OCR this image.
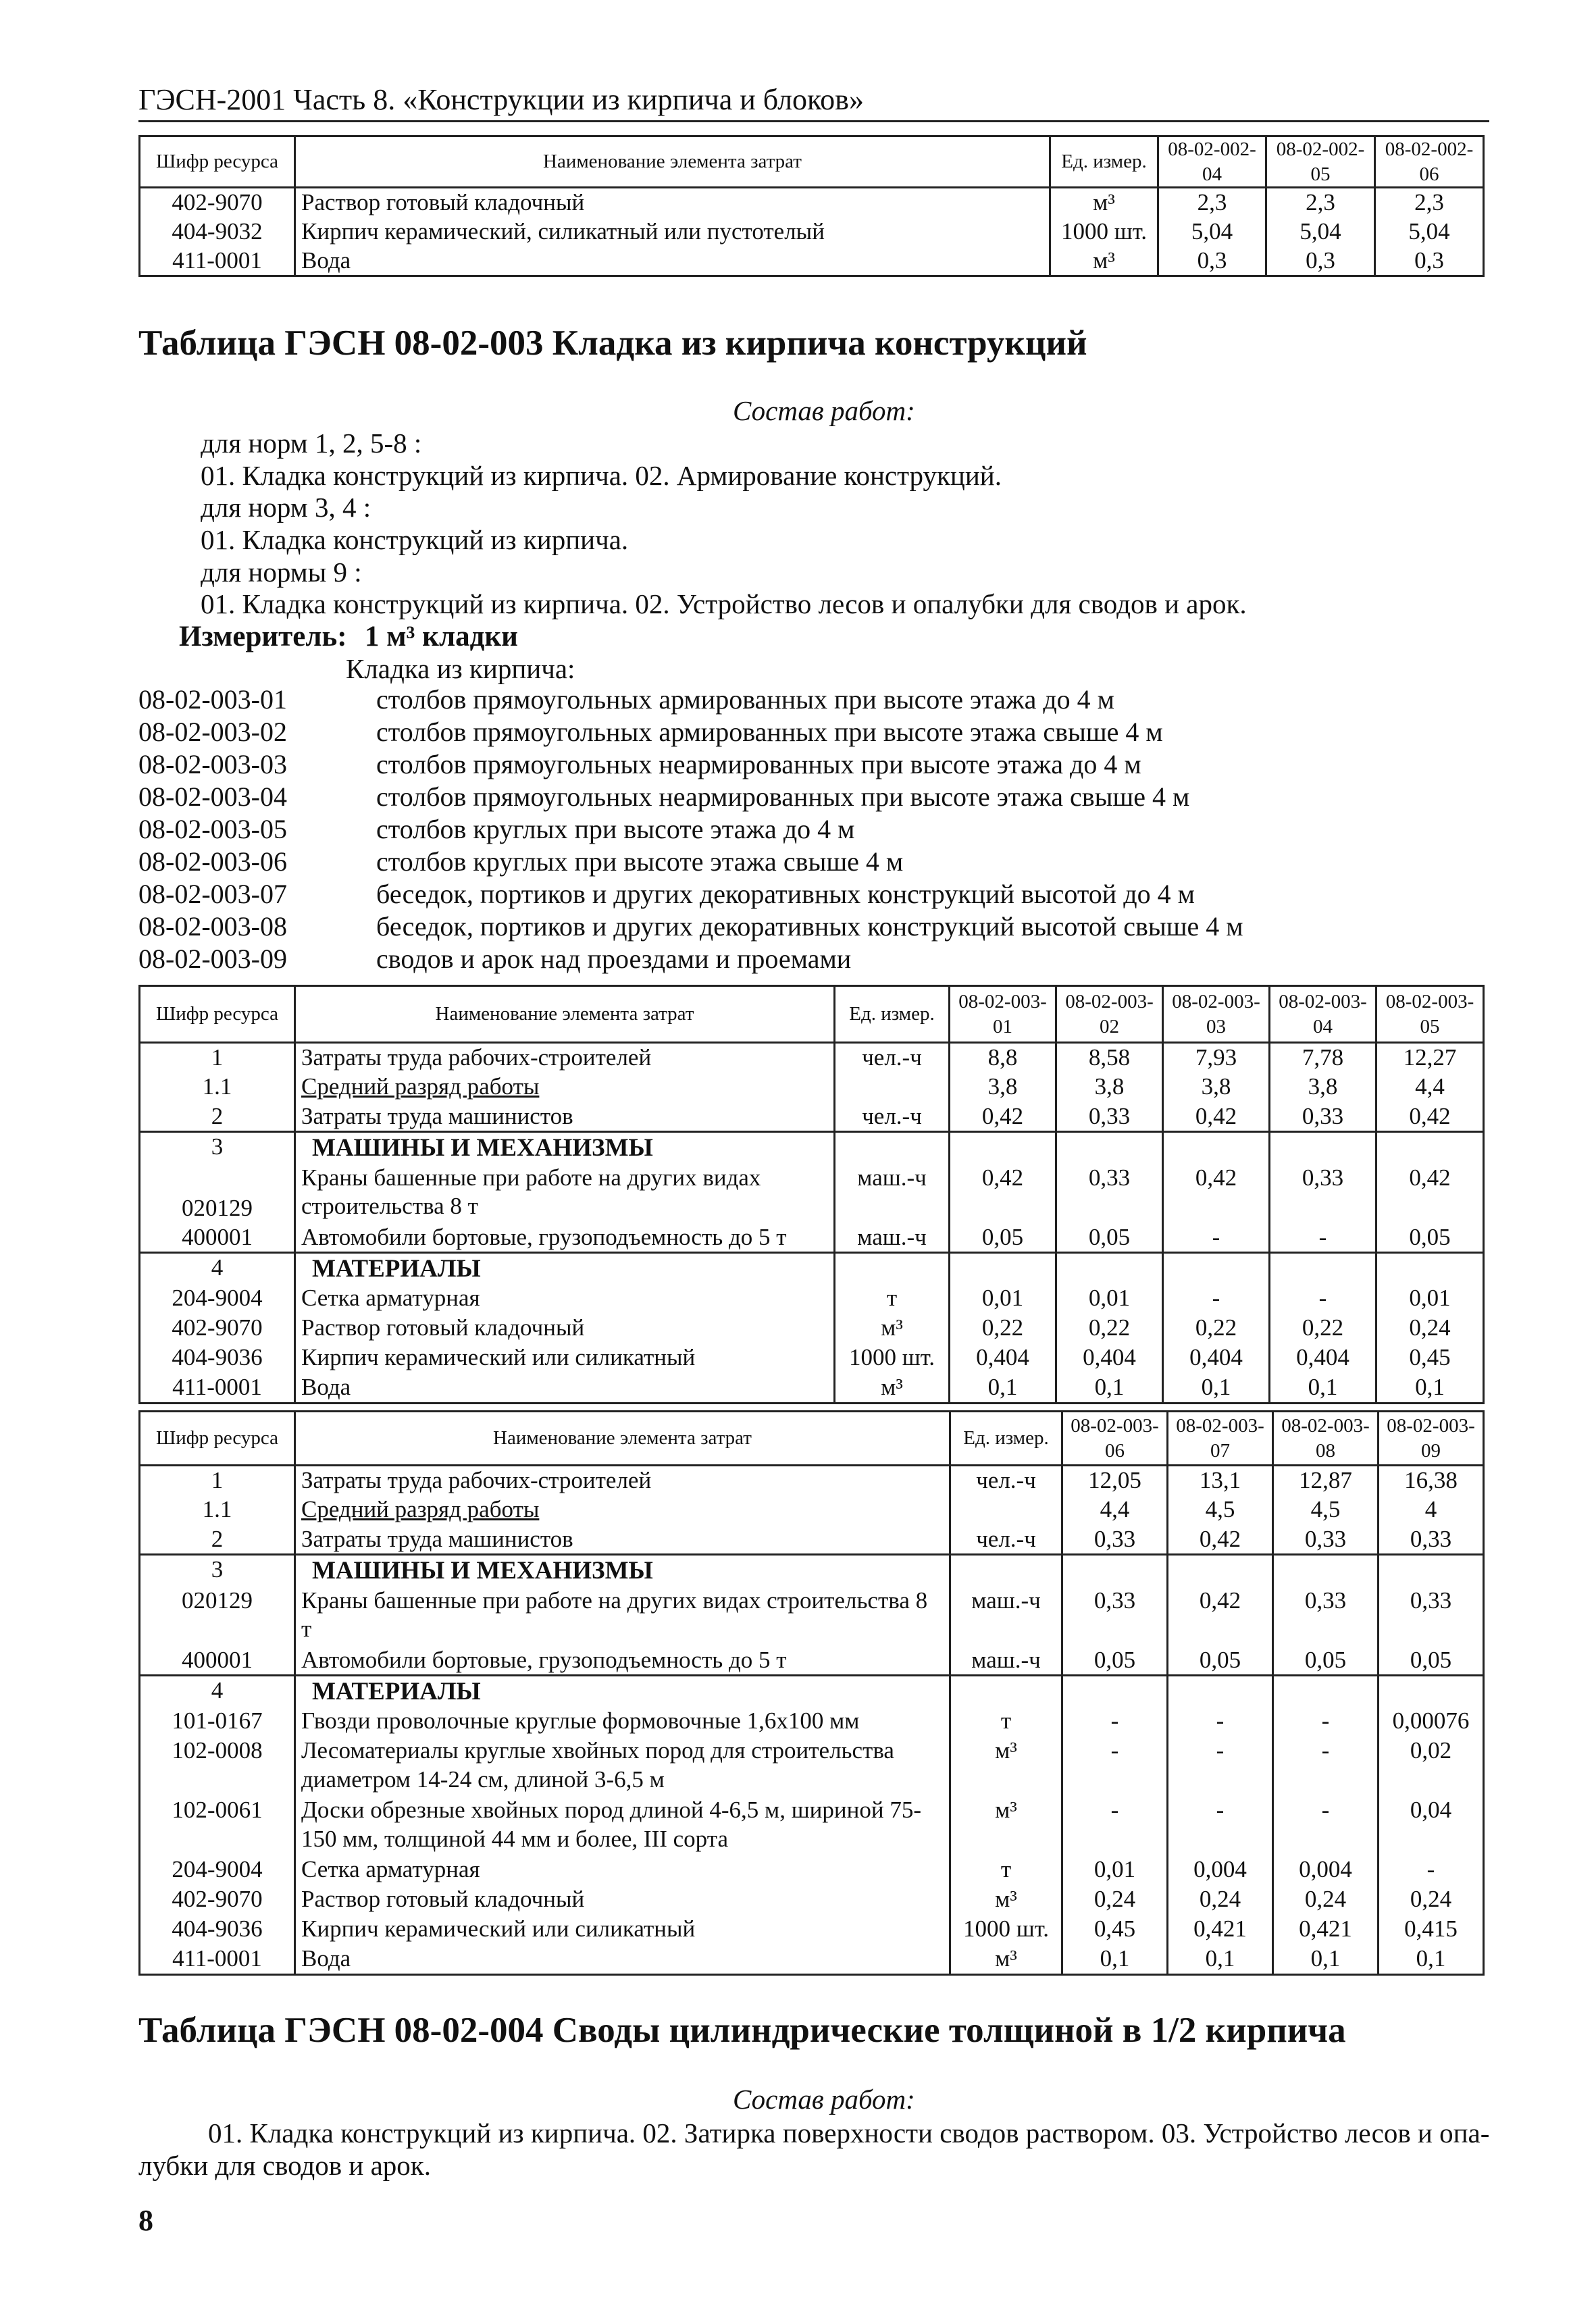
ГЭСН-2001 Часть 8. «Конструкции из кирпича и блоков»
Шифр ресурса	Наименование элемента затрат	Ед. измер.	08-02-002-04	08-02-002-05	08-02-002-06
402-9070	Раствор готовый кладочный	м³	2,3	2,3	2,3
404-9032	Кирпич керамический, силикатный или пустотелый	1000 шт.	5,04	5,04	5,04
411-0001	Вода	м³	0,3	0,3	0,3
Таблица ГЭСН 08-02-003 Кладка из кирпича конструкций
Состав работ:
для норм 1, 2, 5-8 :
01. Кладка конструкций из кирпича. 02. Армирование конструкций.
для норм 3, 4 :
01. Кладка конструкций из кирпича.
для нормы 9 :
01. Кладка конструкций из кирпича. 02. Устройство лесов и опалубки для сводов и арок.
Измеритель: 1 м³ кладки
Кладка из кирпича:
08-02-003-01	столбов прямоугольных армированных при высоте этажа до 4 м
08-02-003-02	столбов прямоугольных армированных при высоте этажа свыше 4 м
08-02-003-03	столбов прямоугольных неармированных при высоте этажа до 4 м
08-02-003-04	столбов прямоугольных неармированных при высоте этажа свыше 4 м
08-02-003-05	столбов круглых при высоте этажа до 4 м
08-02-003-06	столбов круглых при высоте этажа свыше 4 м
08-02-003-07	беседок, портиков и других декоративных конструкций высотой до 4 м
08-02-003-08	беседок, портиков и других декоративных конструкций высотой свыше 4 м
08-02-003-09	сводов и арок над проездами и проемами
Шифр ресурса	Наименование элемента затрат	Ед. измер.	08-02-003-01	08-02-003-02	08-02-003-03	08-02-003-04	08-02-003-05
1	Затраты труда рабочих-строителей	чел.-ч	8,8	8,58	7,93	7,78	12,27
1.1	Средний разряд работы		3,8	3,8	3,8	3,8	4,4
2	Затраты труда машинистов	чел.-ч	0,42	0,33	0,42	0,33	0,42
3	МАШИНЫ И МЕХАНИЗМЫ						
020129	Краны башенные при работе на других видах строительства 8 т	маш.-ч	0,42	0,33	0,42	0,33	0,42
400001	Автомобили бортовые, грузоподъемность до 5 т	маш.-ч	0,05	0,05	-	-	0,05
4	МАТЕРИАЛЫ						
204-9004	Сетка арматурная	т	0,01	0,01	-	-	0,01
402-9070	Раствор готовый кладочный	м³	0,22	0,22	0,22	0,22	0,24
404-9036	Кирпич керамический или силикатный	1000 шт.	0,404	0,404	0,404	0,404	0,45
411-0001	Вода	м³	0,1	0,1	0,1	0,1	0,1
Шифр ресурса	Наименование элемента затрат	Ед. измер.	08-02-003-06	08-02-003-07	08-02-003-08	08-02-003-09
1	Затраты труда рабочих-строителей	чел.-ч	12,05	13,1	12,87	16,38
1.1	Средний разряд работы		4,4	4,5	4,5	4
2	Затраты труда машинистов	чел.-ч	0,33	0,42	0,33	0,33
3	МАШИНЫ И МЕХАНИЗМЫ					
020129	Краны башенные при работе на других видах строительства 8 т	маш.-ч	0,33	0,42	0,33	0,33
400001	Автомобили бортовые, грузоподъемность до 5 т	маш.-ч	0,05	0,05	0,05	0,05
4	МАТЕРИАЛЫ					
101-0167	Гвозди проволочные круглые формовочные 1,6х100 мм	т	-	-	-	0,00076
102-0008	Лесоматериалы круглые хвойных пород для строительства диаметром 14-24 см, длиной 3-6,5 м	м³	-	-	-	0,02
102-0061	Доски обрезные хвойных пород длиной 4-6,5 м, шириной 75-150 мм, толщиной 44 мм и более, III сорта	м³	-	-	-	0,04
204-9004	Сетка арматурная	т	0,01	0,004	0,004	-
402-9070	Раствор готовый кладочный	м³	0,24	0,24	0,24	0,24
404-9036	Кирпич керамический или силикатный	1000 шт.	0,45	0,421	0,421	0,415
411-0001	Вода	м³	0,1	0,1	0,1	0,1
Таблица ГЭСН 08-02-004 Своды цилиндрические толщиной в 1/2 кирпича
Состав работ:
01. Кладка конструкций из кирпича. 02. Затирка поверхности сводов раствором. 03. Устройство лесов и опа-
лубки для сводов и арок.
8
